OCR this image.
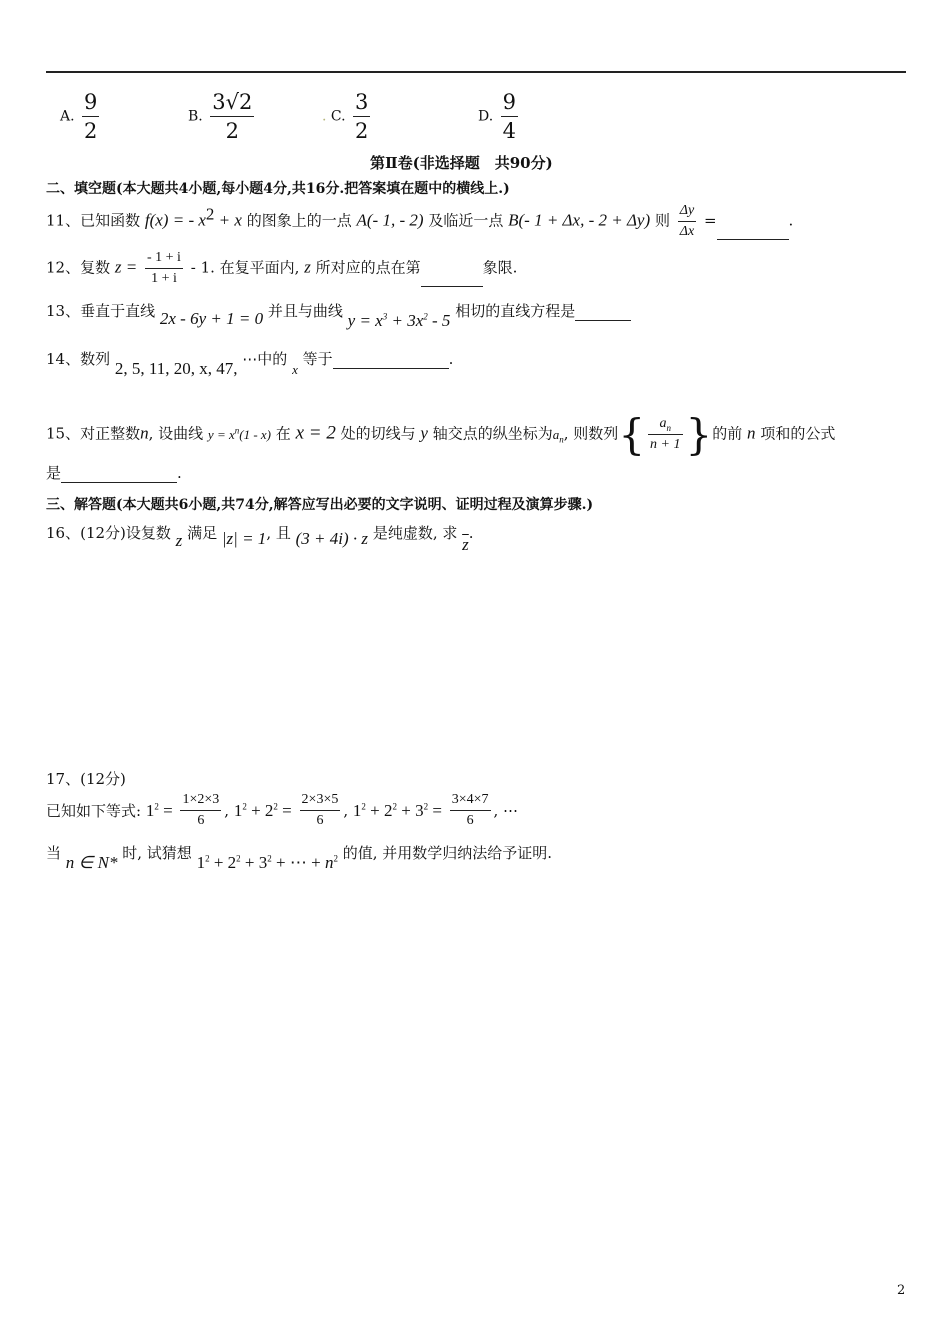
A. $\frac{9}{2}$	B. $\frac{3√2}{2}$	. C. $\frac{3}{2}$	D. $\frac{9}{4}$
第Ⅱ卷(非选择题　共90分)
二、填空题(本大题共4小题,每小题4分,共16分.把答案填在题中的横线上.)
11、已知函数 f(x) = - $x^2 + x$ 的图象上的一点 A(- 1, - 2) 及临近一点 B(- 1 + Δx, - 2 + Δy) 则 $\frac{\Delta y}{\Delta x}$ =	.
12、复数 $z = \frac{- 1 + i}{1 + i} - 1$. 在复平面内, z 所对应的点在第	象限.
13、垂直于直线 2x - 6y + 1 = 0 并且与曲线 $y = x^3 + 3x^2 - 5$ 相切的直线方程是
14、数列 2, 5, 11, 20, x, 47, ⋯中的 x 等于	.
15、对正整数n, 设曲线 $y = x^n(1 - x)$ 在 x = 2 处的切线与 y 轴交点的纵坐标为$a_n$, 则数列{ $\frac{a_n}{n + 1}$ }的前 n 项和的公式
是	.
三、解答题(本大题共6小题,共74分,解答应写出必要的文字说明、证明过程及演算步骤.)
16、(12分)设复数 z 满足 |z| = 1, 且 (3 + 4i) · z 是纯虚数, 求 $\overline{z}$.
17、(12分)
已知如下等式: $1^2 = \frac{1\times 2\times 3}{6}$ , $1^2 + 2^2 = \frac{2\times 3\times 5}{6}$ , $1^2 + 2^2 + 3^2 = \frac{3\times 4\times 7}{6}$ , ⋯
当 n ∈ N* 时, 试猜想 $1^2 + 2^2 + 3^2$ + ⋯ + $n^2$ 的值, 并用数学归纳法给予证明.
2
